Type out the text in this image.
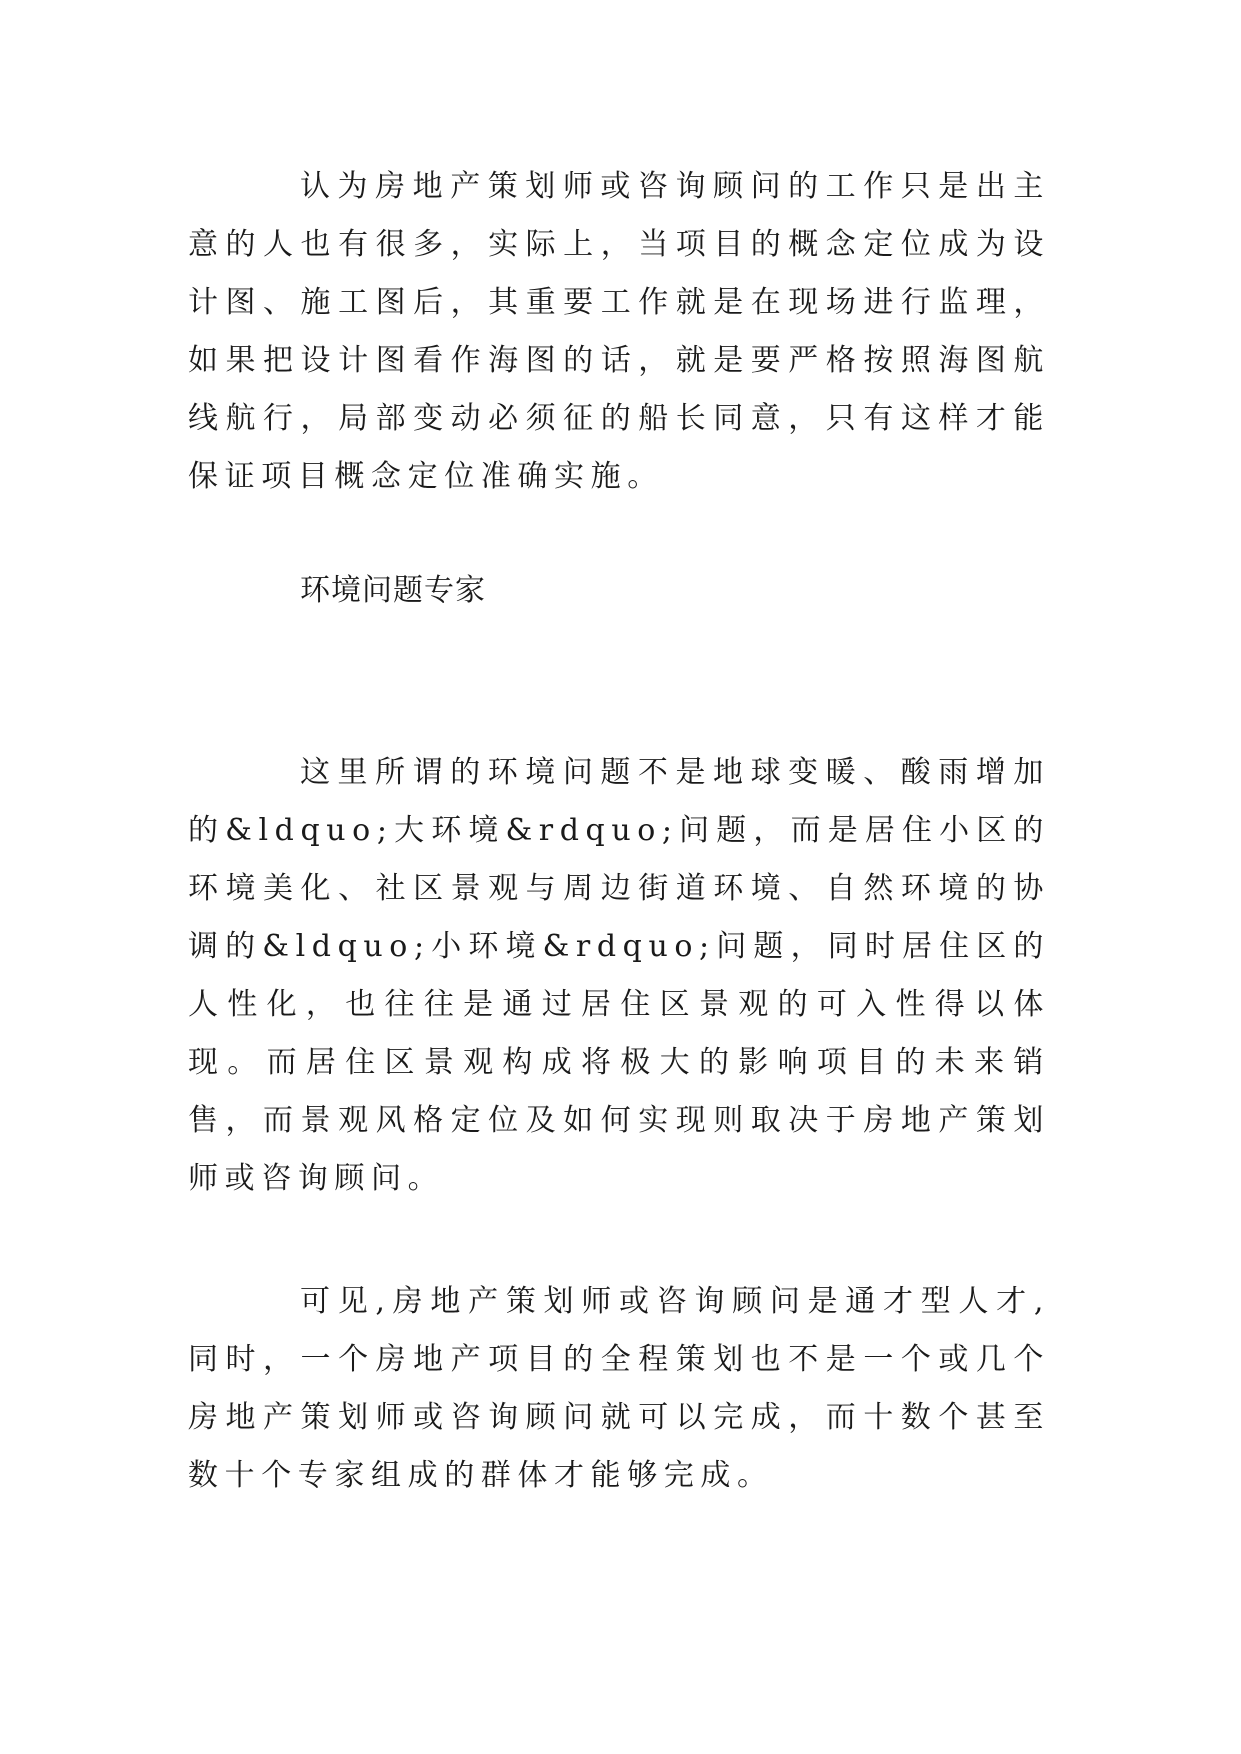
认为房地产策划师或咨询顾问的工作只是出主意的人也有很多，实际上，当项目的概念定位成为设计图、施工图后，其重要工作就是在现场进行监理，如果把设计图看作海图的话，就是要严格按照海图航线航行，局部变动必须征的船长同意，只有这样才能保证项目概念定位准确实施。

环境问题专家

这里所谓的环境问题不是地球变暖、酸雨增加的&ldquo;大环境&rdquo;问题，而是居住小区的环境美化、社区景观与周边街道环境、自然环境的协调的&ldquo;小环境&rdquo;问题，同时居住区的人性化，也往往是通过居住区景观的可入性得以体现。而居住区景观构成将极大的影响项目的未来销售，而景观风格定位及如何实现则取决于房地产策划师或咨询顾问。

可见,房地产策划师或咨询顾问是通才型人才,同时，一个房地产项目的全程策划也不是一个或几个房地产策划师或咨询顾问就可以完成，而十数个甚至数十个专家组成的群体才能够完成。
